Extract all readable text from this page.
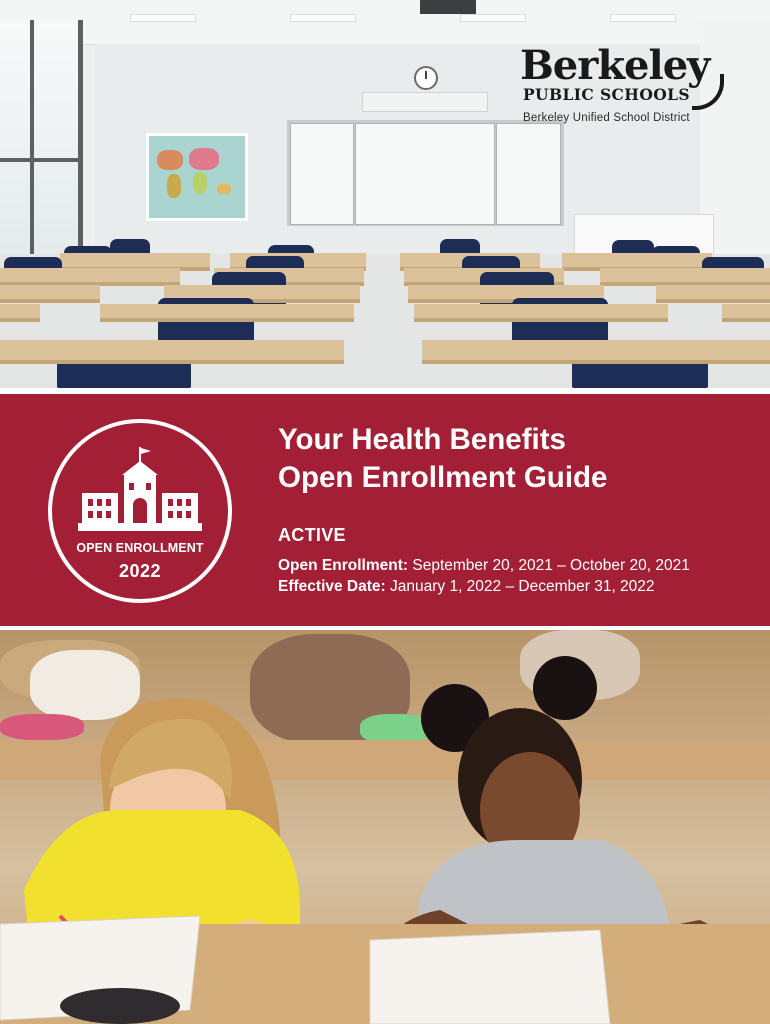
Berkeley
PUBLIC SCHOOLS
Berkeley Unified School District
OPEN ENROLLMENT
2022
Your Health Benefits
Open Enrollment Guide
ACTIVE
Open Enrollment: September 20, 2021 – October 20, 2021
Effective Date: January 1, 2022 – December 31, 2022
